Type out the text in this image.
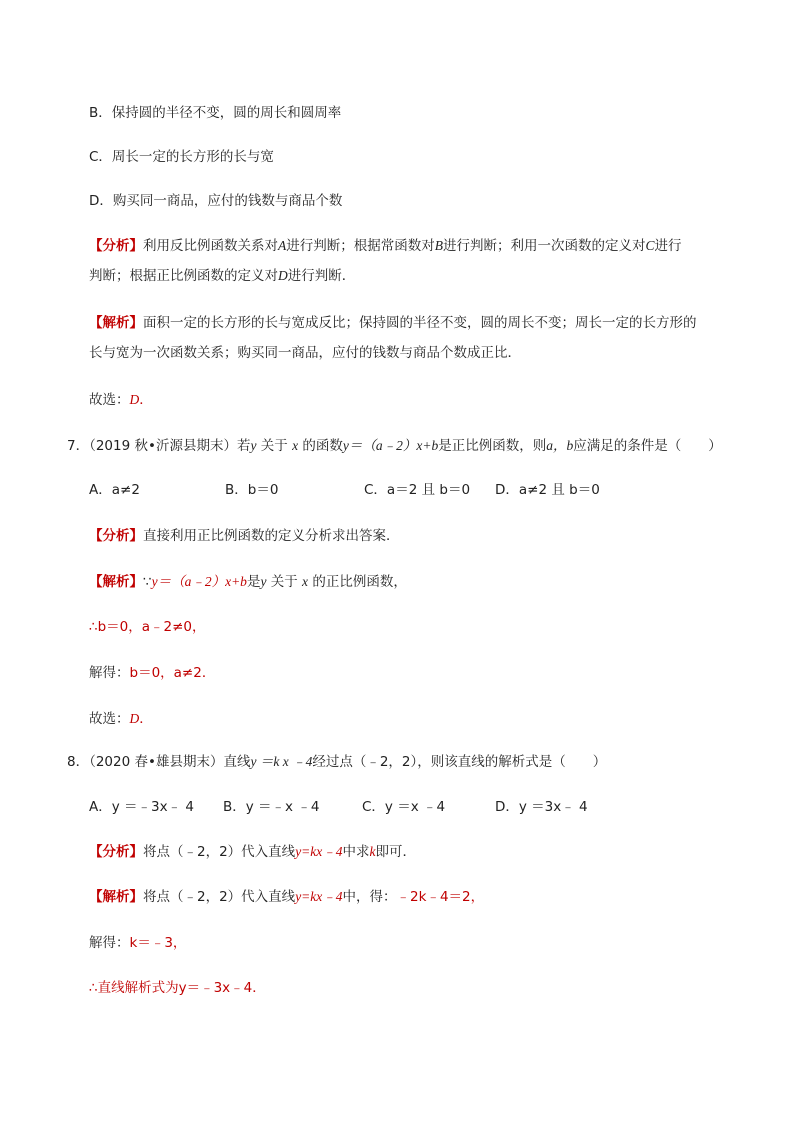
B．保持圆的半径不变，圆的周长和圆周率
C．周长一定的长方形的长与宽
D．购买同一商品，应付的钱数与商品个数
【分析】利用反比例函数关系对A进行判断；根据常函数对B进行判断；利用一次函数的定义对C进行
判断；根据正比例函数的定义对D进行判断．
【解析】面积一定的长方形的长与宽成反比；保持圆的半径不变，圆的周长不变；周长一定的长方形的
长与宽为一次函数关系；购买同一商品，应付的钱数与商品个数成正比．
故选：D．
7．（2019 秋•沂源县期末）若y 关于 x 的函数y＝（a﹣2）x+b是正比例函数，则a，b应满足的条件是（　　）
A．a≠2	B．b＝0	C．a＝2 且 b＝0 D．a≠2 且 b＝0
【分析】直接利用正比例函数的定义分析求出答案．
【解析】∵y＝（a﹣2）x+b是y 关于 x 的正比例函数，
∴b＝0，a﹣2≠0，
解得：b＝0，a≠2．
故选：D．
8．（2020 春•雄县期末）直线y ＝k x ﹣4经过点（﹣2，2），则该直线的解析式是（　　）
A．y ＝﹣3x﹣ 4 B．y ＝﹣x ﹣4	C．y ＝x ﹣4	D．y ＝3x﹣ 4
【分析】将点（﹣2，2）代入直线y=kx﹣4中求k即可．
【解析】将点（﹣2，2）代入直线y=kx﹣4中，得：﹣2k﹣4＝2，
解得：k＝﹣3，
∴直线解析式为y＝﹣3x﹣4．
